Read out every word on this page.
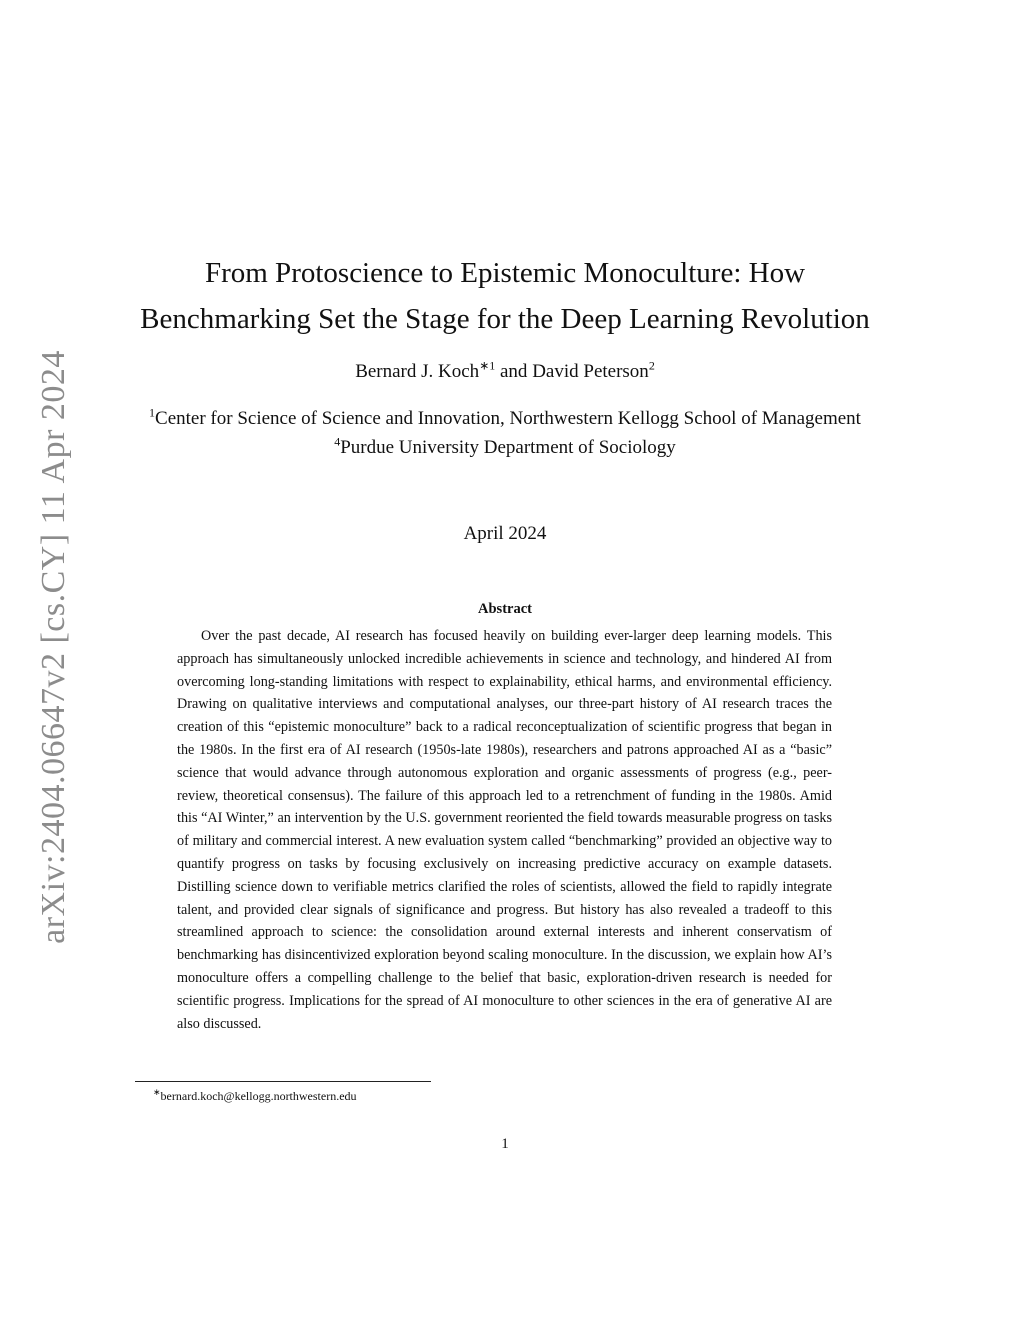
arXiv:2404.06647v2 [cs.CY] 11 Apr 2024
From Protoscience to Epistemic Monoculture: How
Benchmarking Set the Stage for the Deep Learning Revolution
Bernard J. Koch$^{∗1}$ and David Peterson$^2$
$^1$Center for Science of Science and Innovation, Northwestern Kellogg School of Management
$^4$Purdue University Department of Sociology
April 2024
Abstract

Over the past decade, AI research has focused heavily on building ever-larger deep learning models. This approach has simultaneously unlocked incredible achievements in science and technology, and hindered AI from overcoming long-standing limitations with respect to explainability, ethical harms, and environmental efficiency. Drawing on qualitative interviews and computational analyses, our three-part history of AI research traces the creation of this “epistemic monoculture” back to a radical reconceptualization of scientific progress that began in the 1980s. In the first era of AI research (1950s-late 1980s), researchers and patrons approached AI as a “basic” science that would advance through autonomous exploration and organic assessments of progress (e.g., peer-review, theoretical consensus). The failure of this approach led to a retrenchment of funding in the 1980s. Amid this “AI Winter,” an intervention by the U.S. government reoriented the field towards measurable progress on tasks of military and commercial interest. A new evaluation system called “benchmarking” provided an objective way to quantify progress on tasks by focusing exclusively on increasing predictive accuracy on example datasets. Distilling science down to verifiable metrics clarified the roles of scientists, allowed the field to rapidly integrate talent, and provided clear signals of significance and progress. But history has also revealed a tradeoff to this streamlined approach to science: the consolidation around external interests and inherent conservatism of benchmarking has disincentivized exploration beyond scaling monoculture. In the discussion, we explain how AI’s monoculture offers a compelling challenge to the belief that basic, exploration-driven research is needed for scientific progress. Implications for the spread of AI monoculture to other sciences in the era of generative AI are also discussed.

∗bernard.koch@kellogg.northwestern.edu
1
